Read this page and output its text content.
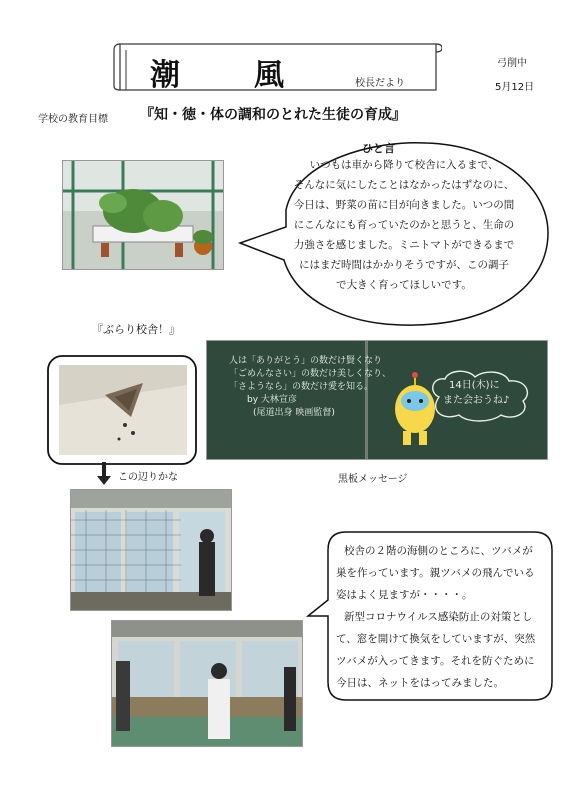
潮　風	校長だより
弓削中
5月12日
学校の教育目標 『知・徳・体の調和のとれた生徒の育成』
ひと言
いつもは車から降りて校舎に入るまで、
そんなに気にしたことはなかったはずなのに、
今日は、野菜の苗に目が向きました。いつの間
にこんなにも育っていたのかと思うと、生命の
力強さを感じました。ミニトマトができるまで
にはまだ時間はかかりそうですが、この調子
で大きく育ってほしいです。
『ぶらり校舎！』
この辺りかな
人は「ありがとう」の数だけ賢くなり
「ごめんなさい」の数だけ美しくなり、
「さようなら」の数だけ愛を知る。
by 大林宣彦
(尾道出身 映画監督)
14日(木)に
また会おうね♪
黒板メッセージ
校舎の２階の海側のところに、ツバメが
巣を作っています。親ツバメの飛んでいる
姿はよく見ますが・・・・。
新型コロナウイルス感染防止の対策とし
て、窓を開けて換気をしていますが、突然
ツバメが入ってきます。それを防ぐために
今日は、ネットをはってみました。
